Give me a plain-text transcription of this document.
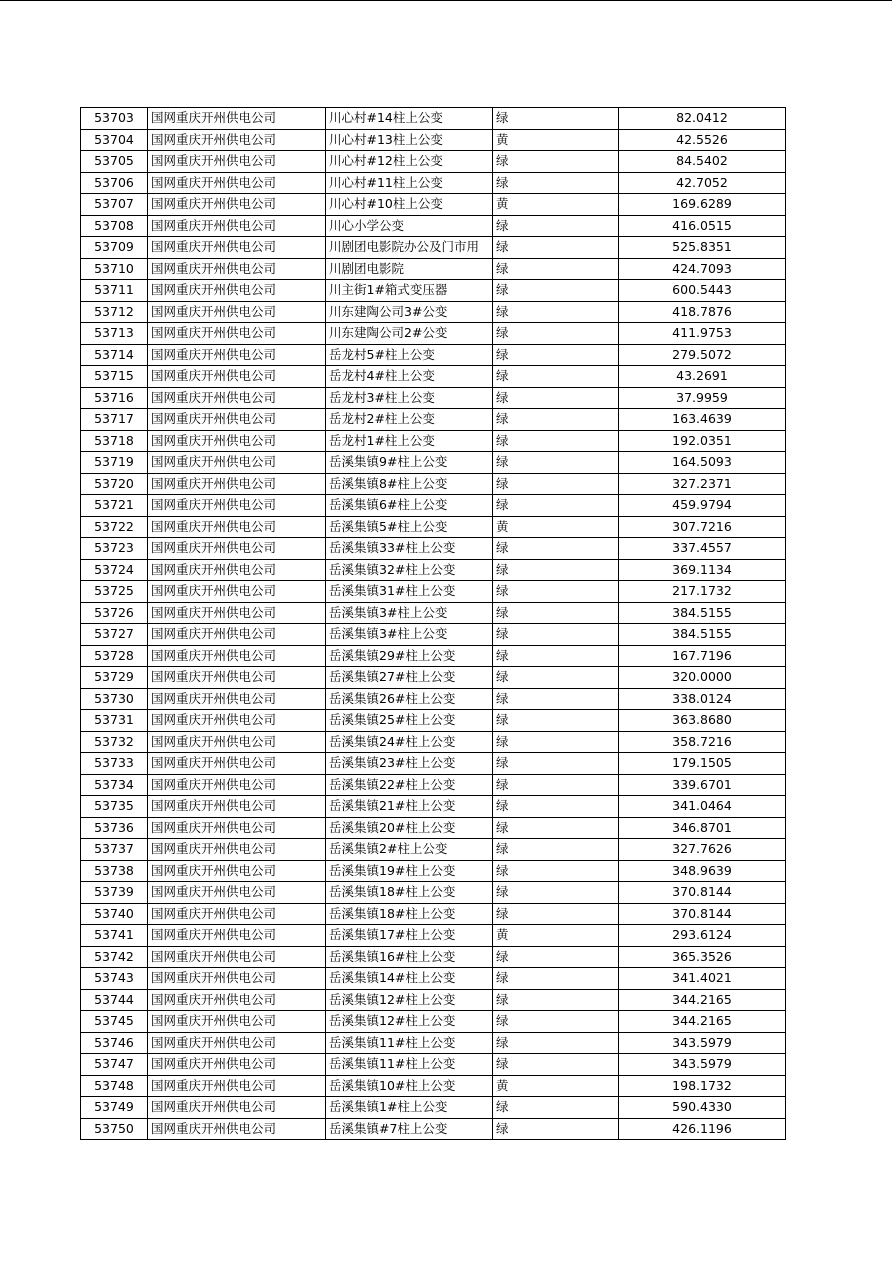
53703	国网重庆开州供电公司	川心村#14柱上公变	绿	82.0412
53704	国网重庆开州供电公司	川心村#13柱上公变	黄	42.5526
53705	国网重庆开州供电公司	川心村#12柱上公变	绿	84.5402
53706	国网重庆开州供电公司	川心村#11柱上公变	绿	42.7052
53707	国网重庆开州供电公司	川心村#10柱上公变	黄	169.6289
53708	国网重庆开州供电公司	川心小学公变	绿	416.0515
53709	国网重庆开州供电公司	川剧团电影院办公及门市用	绿	525.8351
53710	国网重庆开州供电公司	川剧团电影院	绿	424.7093
53711	国网重庆开州供电公司	川主街1#箱式变压器	绿	600.5443
53712	国网重庆开州供电公司	川东建陶公司3#公变	绿	418.7876
53713	国网重庆开州供电公司	川东建陶公司2#公变	绿	411.9753
53714	国网重庆开州供电公司	岳龙村5#柱上公变	绿	279.5072
53715	国网重庆开州供电公司	岳龙村4#柱上公变	绿	43.2691
53716	国网重庆开州供电公司	岳龙村3#柱上公变	绿	37.9959
53717	国网重庆开州供电公司	岳龙村2#柱上公变	绿	163.4639
53718	国网重庆开州供电公司	岳龙村1#柱上公变	绿	192.0351
53719	国网重庆开州供电公司	岳溪集镇9#柱上公变	绿	164.5093
53720	国网重庆开州供电公司	岳溪集镇8#柱上公变	绿	327.2371
53721	国网重庆开州供电公司	岳溪集镇6#柱上公变	绿	459.9794
53722	国网重庆开州供电公司	岳溪集镇5#柱上公变	黄	307.7216
53723	国网重庆开州供电公司	岳溪集镇33#柱上公变	绿	337.4557
53724	国网重庆开州供电公司	岳溪集镇32#柱上公变	绿	369.1134
53725	国网重庆开州供电公司	岳溪集镇31#柱上公变	绿	217.1732
53726	国网重庆开州供电公司	岳溪集镇3#柱上公变	绿	384.5155
53727	国网重庆开州供电公司	岳溪集镇3#柱上公变	绿	384.5155
53728	国网重庆开州供电公司	岳溪集镇29#柱上公变	绿	167.7196
53729	国网重庆开州供电公司	岳溪集镇27#柱上公变	绿	320.0000
53730	国网重庆开州供电公司	岳溪集镇26#柱上公变	绿	338.0124
53731	国网重庆开州供电公司	岳溪集镇25#柱上公变	绿	363.8680
53732	国网重庆开州供电公司	岳溪集镇24#柱上公变	绿	358.7216
53733	国网重庆开州供电公司	岳溪集镇23#柱上公变	绿	179.1505
53734	国网重庆开州供电公司	岳溪集镇22#柱上公变	绿	339.6701
53735	国网重庆开州供电公司	岳溪集镇21#柱上公变	绿	341.0464
53736	国网重庆开州供电公司	岳溪集镇20#柱上公变	绿	346.8701
53737	国网重庆开州供电公司	岳溪集镇2#柱上公变	绿	327.7626
53738	国网重庆开州供电公司	岳溪集镇19#柱上公变	绿	348.9639
53739	国网重庆开州供电公司	岳溪集镇18#柱上公变	绿	370.8144
53740	国网重庆开州供电公司	岳溪集镇18#柱上公变	绿	370.8144
53741	国网重庆开州供电公司	岳溪集镇17#柱上公变	黄	293.6124
53742	国网重庆开州供电公司	岳溪集镇16#柱上公变	绿	365.3526
53743	国网重庆开州供电公司	岳溪集镇14#柱上公变	绿	341.4021
53744	国网重庆开州供电公司	岳溪集镇12#柱上公变	绿	344.2165
53745	国网重庆开州供电公司	岳溪集镇12#柱上公变	绿	344.2165
53746	国网重庆开州供电公司	岳溪集镇11#柱上公变	绿	343.5979
53747	国网重庆开州供电公司	岳溪集镇11#柱上公变	绿	343.5979
53748	国网重庆开州供电公司	岳溪集镇10#柱上公变	黄	198.1732
53749	国网重庆开州供电公司	岳溪集镇1#柱上公变	绿	590.4330
53750	国网重庆开州供电公司	岳溪集镇#7柱上公变	绿	426.1196
